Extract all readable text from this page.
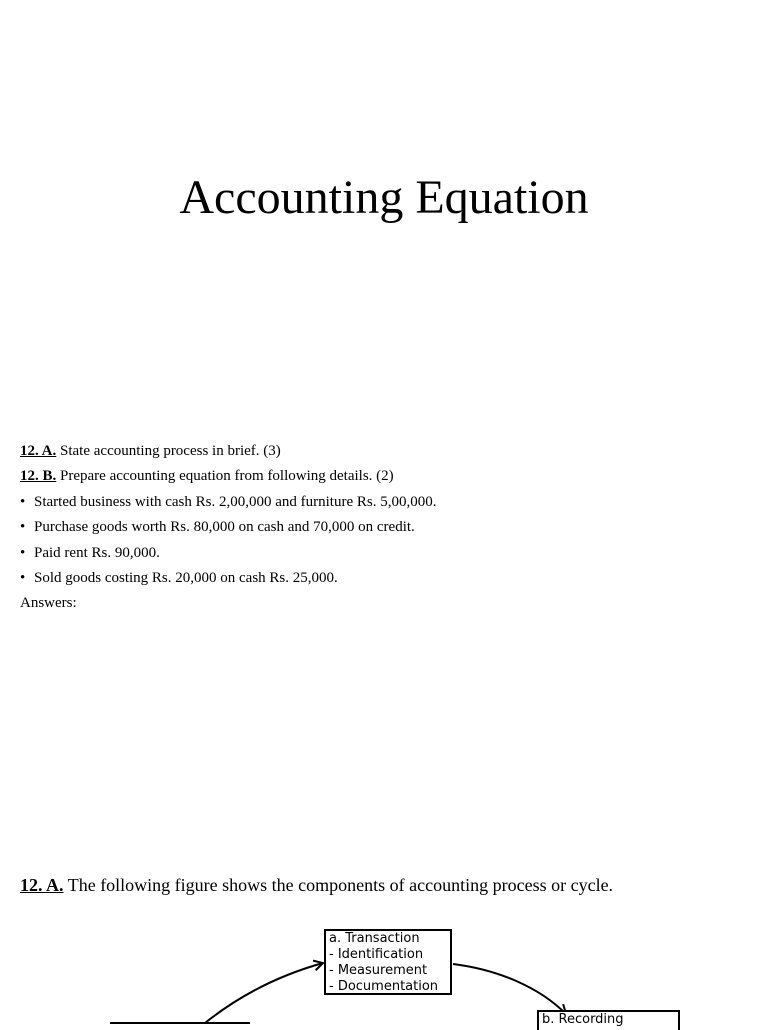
Accounting Equation
12. A. State accounting process in brief. (3)
12. B. Prepare accounting equation from following details. (2)
• Started business with cash Rs. 2,00,000 and furniture Rs. 5,00,000.
• Purchase goods worth Rs. 80,000 on cash and 70,000 on credit.
• Paid rent Rs. 90,000.
• Sold goods costing Rs. 20,000 on cash Rs. 25,000.
Answers:
12. A. The following figure shows the components of accounting process or cycle.
a. Transaction
- Identification
- Measurement
- Documentation
b. Recording
